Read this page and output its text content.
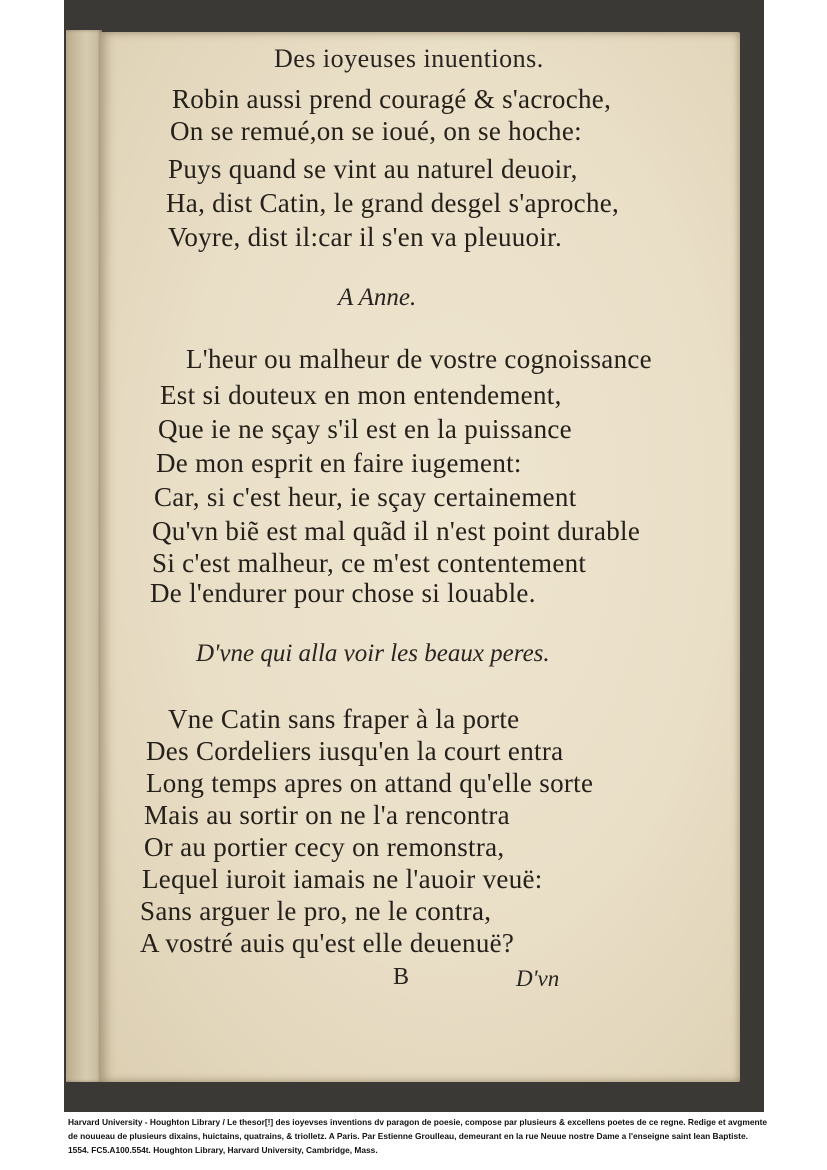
Des ioyeuses inuentions.
Robin aussi prend couragé & s'acroche,
On se remué,on se ioué, on se hoche:
Puys quand se vint au naturel deuoir,
Ha, dist Catin, le grand desgel s'aproche,
Voyre, dist il:car il s'en va pleuuoir.
A Anne.
L'heur ou malheur de vostre cognoissance
Est si douteux en mon entendement,
Que ie ne sçay s'il est en la puissance
De mon esprit en faire iugement:
Car, si c'est heur, ie sçay certainement
Qu'vn biẽ est mal quãd il n'est point durable
Si c'est malheur, ce m'est contentement
De l'endurer pour chose si louable.
D'vne qui alla voir les beaux peres.
Vne Catin sans fraper à la porte
Des Cordeliers iusqu'en la court entra
Long temps apres on attand qu'elle sorte
Mais au sortir on ne l'a rencontra
Or au portier cecy on remonstra,
Lequel iuroit iamais ne l'auoir veuë:
Sans arguer le pro, ne le contra,
A vostré auis qu'est elle deuenuë?
B	D'vn
Harvard University - Houghton Library / Le thesor[!] des ioyevses inventions dv paragon de poesie, compose par plusieurs & excellens poetes de ce regne. Redige et avgmente de nouueau de plusieurs dixains, huictains, quatrains, & triolletz. A Paris. Par Estienne Groulleau, demeurant en la rue Neuue nostre Dame a l'enseigne saint Iean Baptiste. 1554. FC5.A100.554t. Houghton Library, Harvard University, Cambridge, Mass.
